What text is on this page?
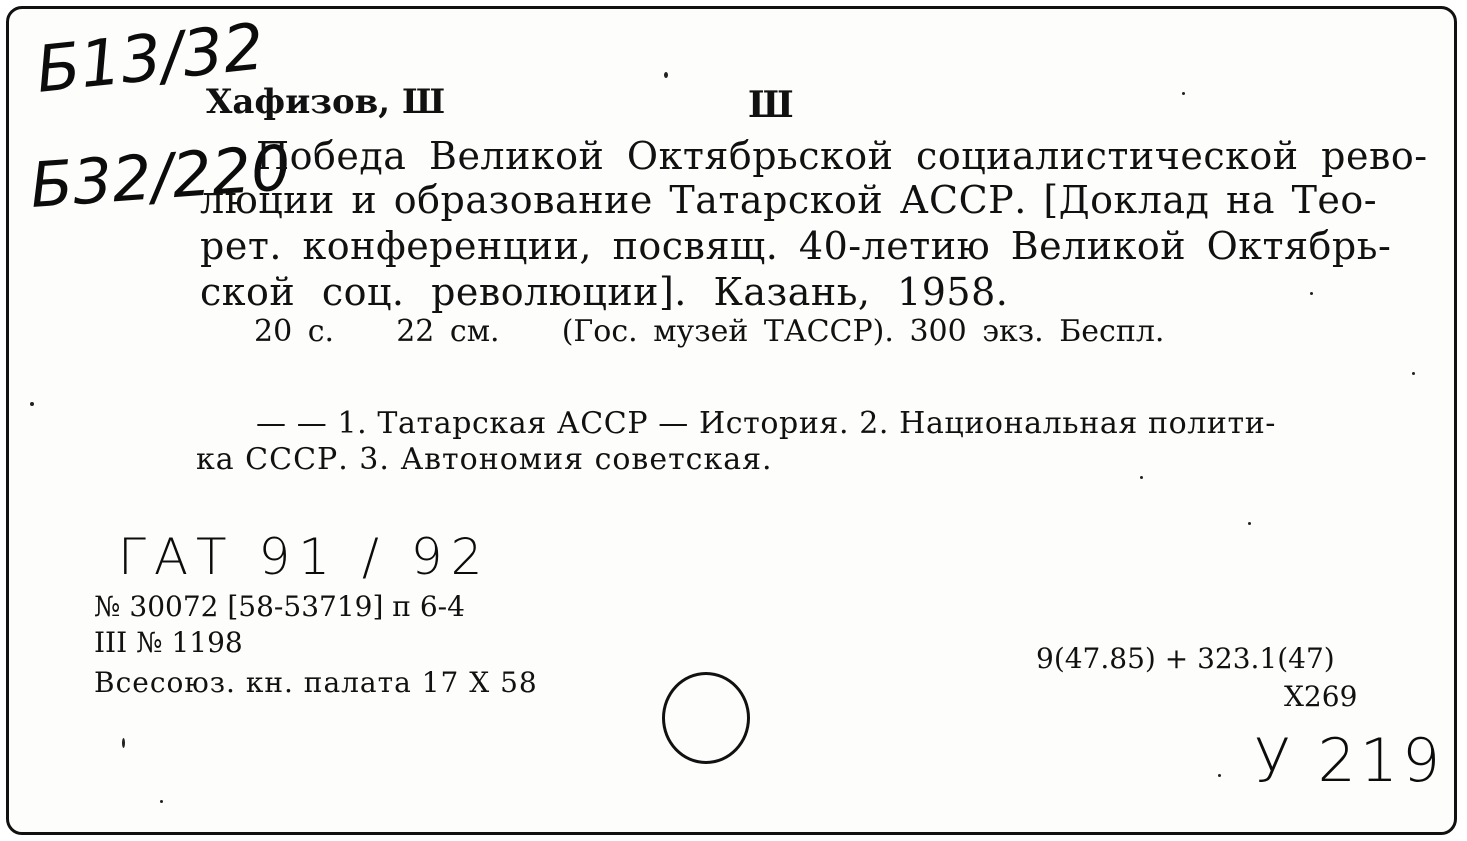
Б13/32
Б32/220
Хафизов, Ш	Ш
Победа Великой Октябрьской социалистической рево-
люции и образование Татарской АССР. [Доклад на Тео-
рет. конференции, посвящ. 40-летию Великой Октябрь-
ской соц. революции]. Казань, 1958.
20 с.    22 см.    (Гос. музей ТАССР). 300 экз. Беспл.
— — 1. Татарская АССР — История. 2. Национальная полити-
ка СССР. 3. Автономия советская.
ГАТ 91 / 92
№ 30072 [58-53719] п 6-4
III № 1198
Всесоюз. кн. палата 17 X 58
9(47.85) + 323.1(47)
Х269
У 219
